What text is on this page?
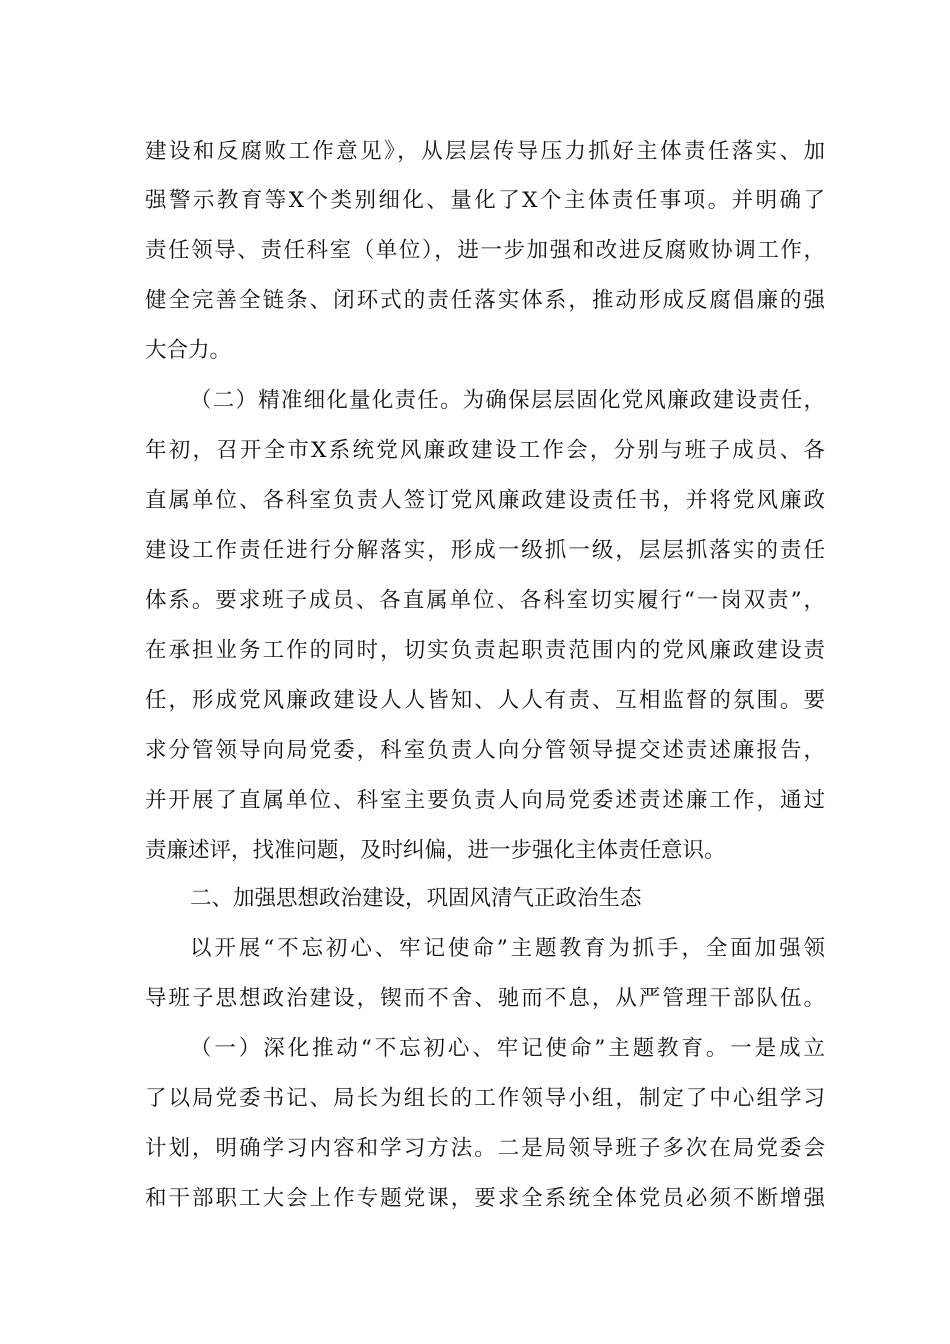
建设和反腐败工作意见》，从层层传导压力抓好主体责任落实、加
强警示教育等X个类别细化、量化了X个主体责任事项。并明确了
责任领导、责任科室（单位），进一步加强和改进反腐败协调工作，
健全完善全链条、闭环式的责任落实体系，推动形成反腐倡廉的强
大合力。
（二）精准细化量化责任。为确保层层固化党风廉政建设责任，
年初，召开全市X系统党风廉政建设工作会，分别与班子成员、各
直属单位、各科室负责人签订党风廉政建设责任书，并将党风廉政
建设工作责任进行分解落实，形成一级抓一级，层层抓落实的责任
体系。要求班子成员、各直属单位、各科室切实履行“一岗双责”，
在承担业务工作的同时，切实负责起职责范围内的党风廉政建设责
任，形成党风廉政建设人人皆知、人人有责、互相监督的氛围。要
求分管领导向局党委，科室负责人向分管领导提交述责述廉报告，
并开展了直属单位、科室主要负责人向局党委述责述廉工作，通过
责廉述评，找准问题，及时纠偏，进一步强化主体责任意识。
二、加强思想政治建设，巩固风清气正政治生态
以开展“不忘初心、牢记使命”主题教育为抓手，全面加强领
导班子思想政治建设，锲而不舍、驰而不息，从严管理干部队伍。
（一）深化推动“不忘初心、牢记使命”主题教育。一是成立
了以局党委书记、局长为组长的工作领导小组，制定了中心组学习
计划，明确学习内容和学习方法。二是局领导班子多次在局党委会
和干部职工大会上作专题党课，要求全系统全体党员必须不断增强
